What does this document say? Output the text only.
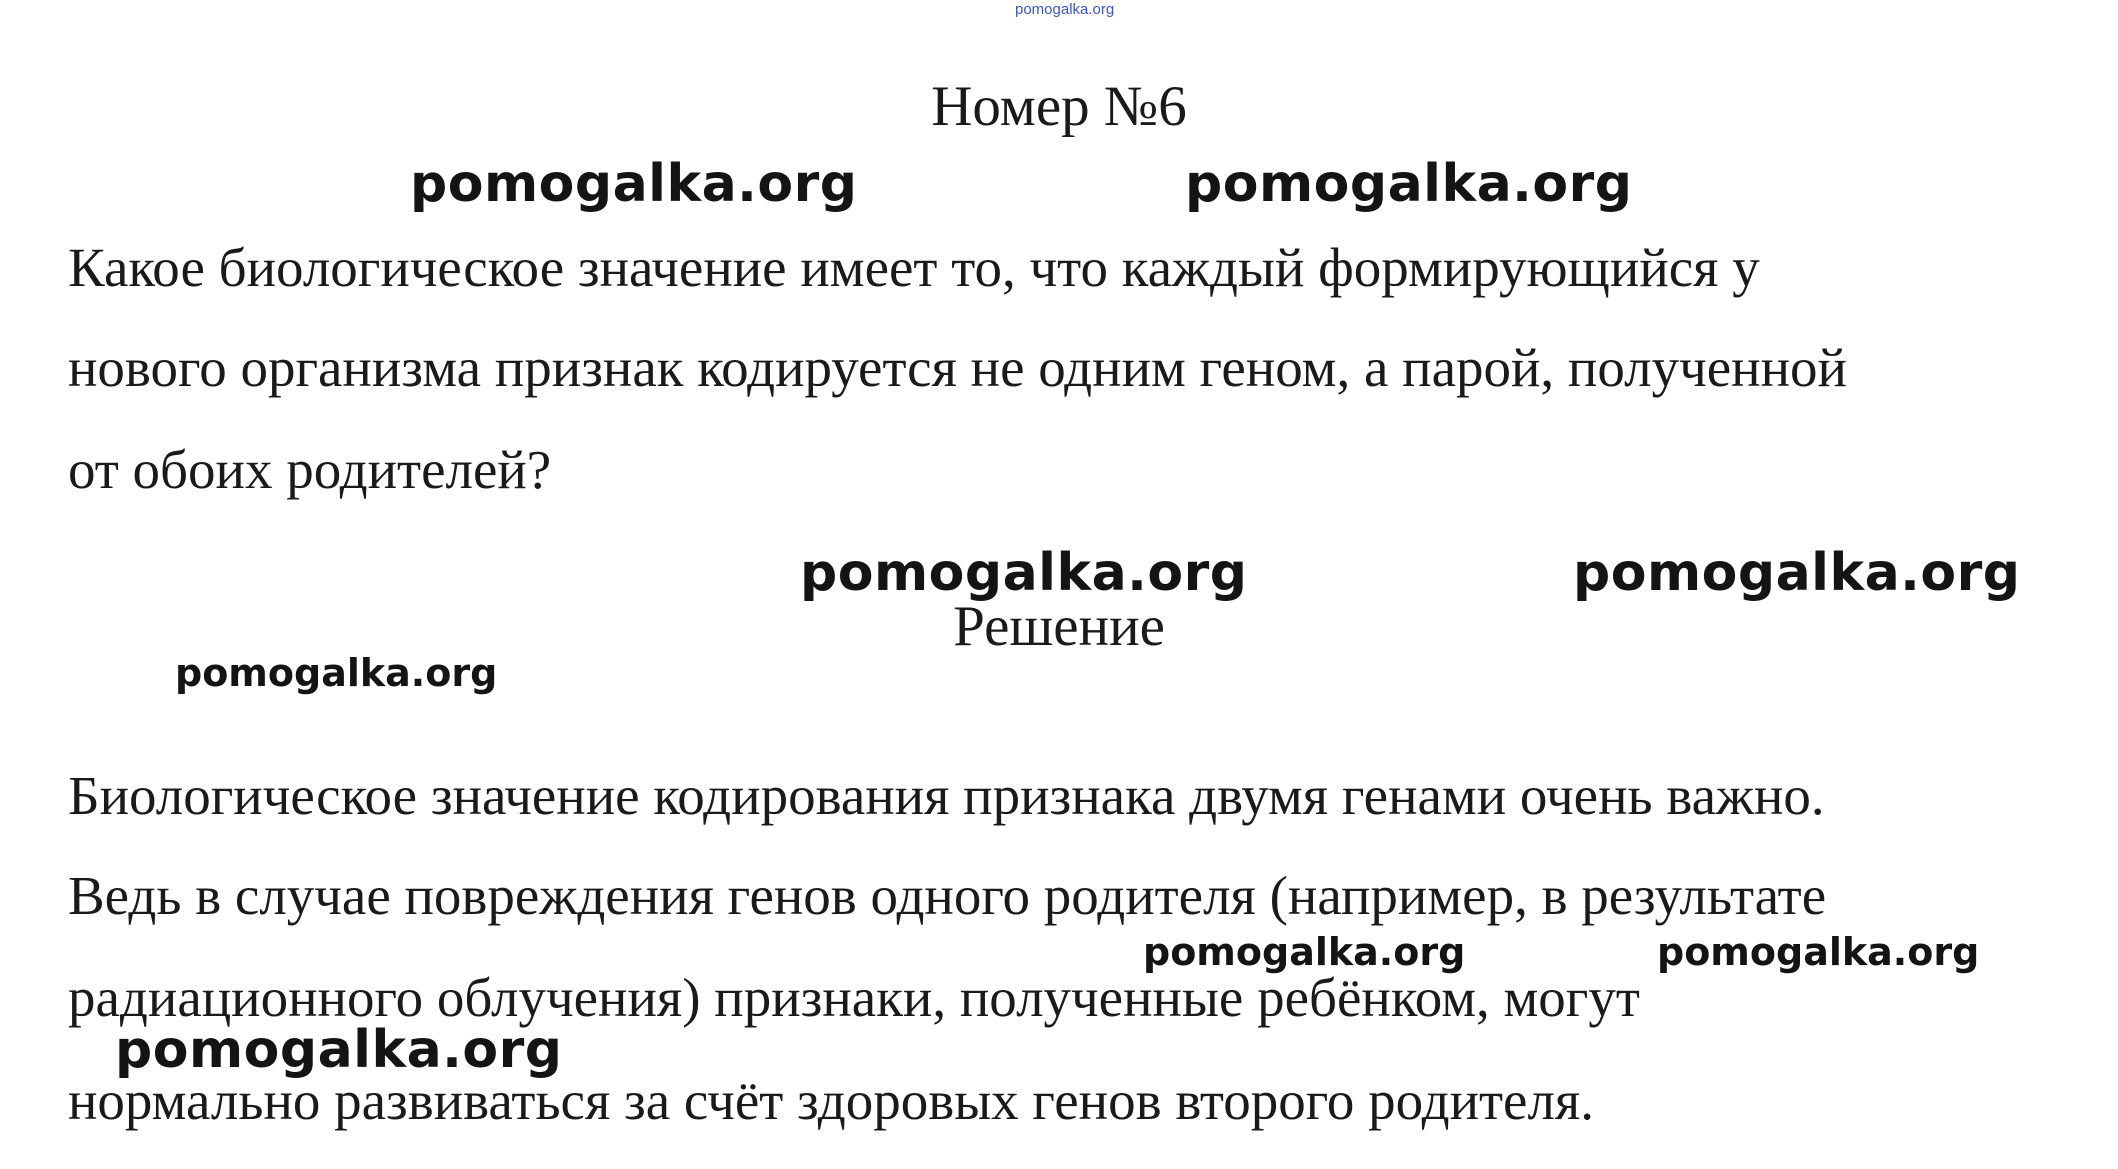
pomogalka.org
Номер №6
pomogalka.org	pomogalka.org
Какое биологическое значение имеет то, что каждый формирующийся у
нового организма признак кодируется не одним геном, а парой, полученной
от обоих родителей?
pomogalka.org	pomogalka.org
Решение
pomogalka.org
Биологическое значение кодирования признака двумя генами очень важно.
Ведь в случае повреждения генов одного родителя (например, в результате
pomogalka.org	pomogalka.org
радиационного облучения) признаки, полученные ребёнком, могут
pomogalka.org
нормально развиваться за счёт здоровых генов второго родителя.
